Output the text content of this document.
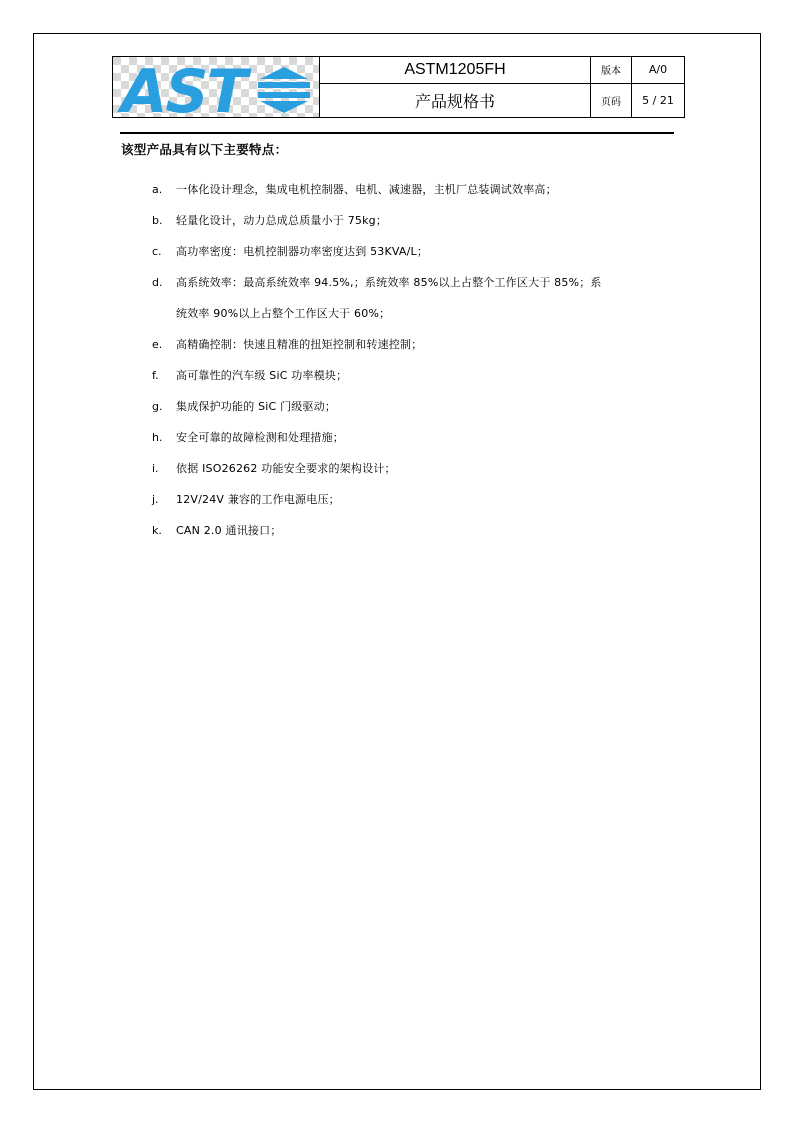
AST	ASTM1205FH	版本	A/0
	产品规格书	页码	5 / 21

该型产品具有以下主要特点：

a.	一体化设计理念，集成电机控制器、电机、减速器，主机厂总装调试效率高；
b.	轻量化设计，动力总成总质量小于 75kg；
c.	高功率密度：电机控制器功率密度达到 53KVA/L；
d.	高系统效率：最高系统效率 94.5%,；系统效率 85%以上占整个工作区大于 85%；系
统效率 90%以上占整个工作区大于 60%；
e.	高精确控制：快速且精准的扭矩控制和转速控制；
f.	高可靠性的汽车级 SiC 功率模块；
g.	集成保护功能的 SiC 门级驱动；
h.	安全可靠的故障检测和处理措施；
i.	依据 ISO26262 功能安全要求的架构设计；
j.	12V/24V 兼容的工作电源电压；
k.	CAN 2.0 通讯接口；
